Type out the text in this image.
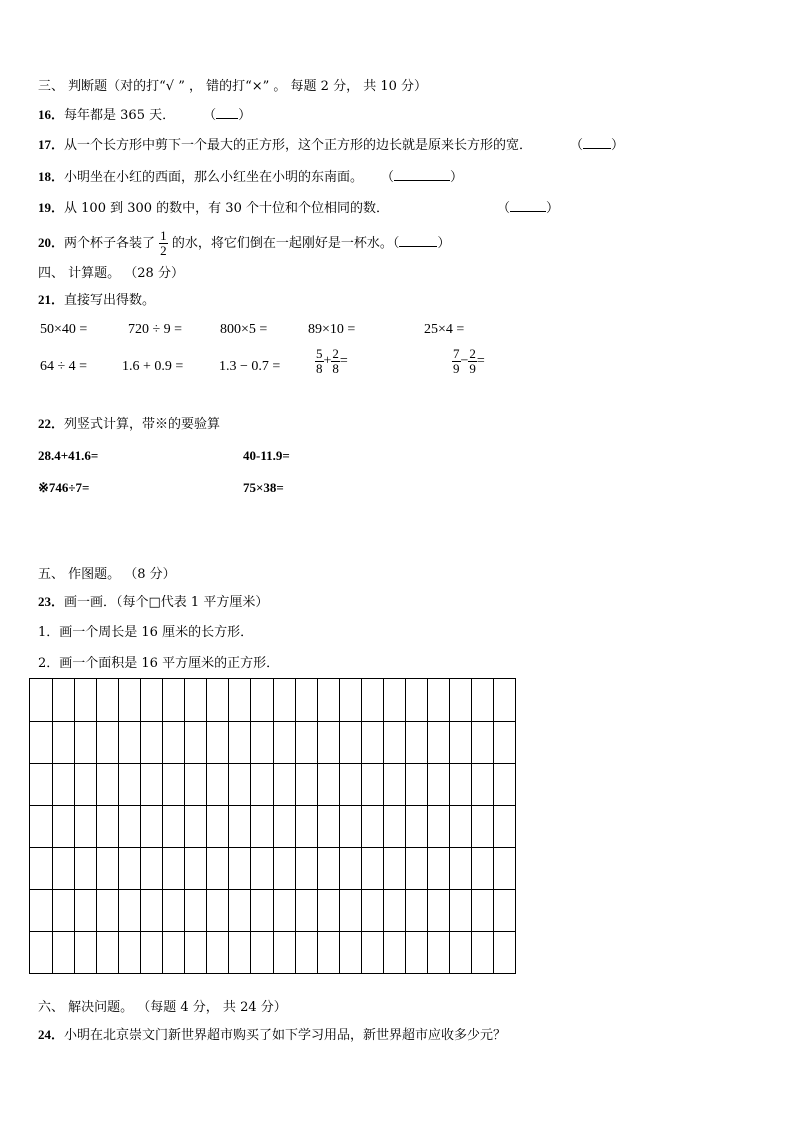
三、 判断题（对的打“√ ” ， 错的打“×” 。 每题 2 分， 共 10 分）
16．每年都是 365 天． （ ）
17．从一个长方形中剪下一个最大的正方形，这个正方形的边长就是原来长方形的宽．	（ ）
18．小明坐在小红的西面，那么小红坐在小明的东南面。 （	）
19．从 100 到 300 的数中，有 30 个十位和个位相同的数．	（	）
20．两个杯子各装了 $\frac{1}{2}$ 的水，将它们倒在一起刚好是一杯水。（	）
四、 计算题。 （28 分）
21．直接写出得数。
50×40 =	720 ÷ 9 =	800×5 =	89×10 =	25×4 =
64 ÷ 4 = 1.6 + 0.9 =	1.3 − 0.7 =	$\frac{5}{8} + \frac{2}{8}$ =	$\frac{7}{9} - \frac{2}{9}$ =
22．列竖式计算，带※的要验算
28.4+41.6=	40-11.9=
※746÷7=	75×38=
五、 作图题。 （8 分）
23．画一画．（每个□代表 1 平方厘米）
1．画一个周长是 16 厘米的长方形．
2．画一个面积是 16 平方厘米的正方形．
六、 解决问题。 （每题 4 分， 共 24 分）
24．小明在北京崇文门新世界超市购买了如下学习用品，新世界超市应收多少元？
